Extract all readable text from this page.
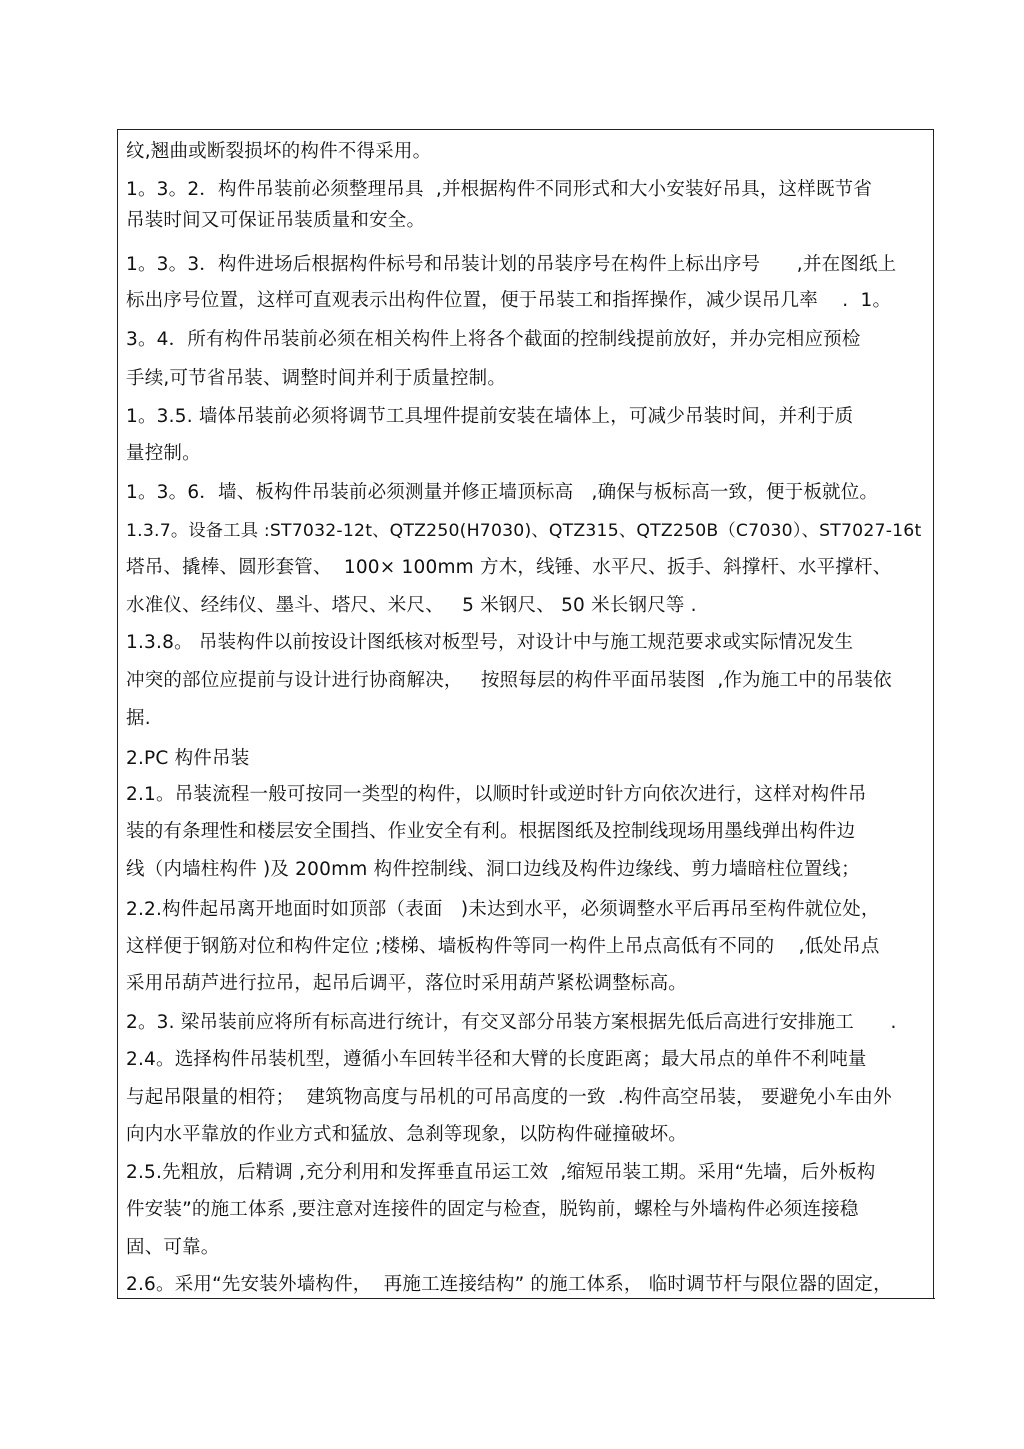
纹,翘曲或断裂损坏的构件不得采用。
1。3。2．构件吊装前必须整理吊具  ,并根据构件不同形式和大小安装好吊具，这样既节省
吊装时间又可保证吊装质量和安全。
1。3。3．构件进场后根据构件标号和吊装计划的吊装序号在构件上标出序号      ,并在图纸上
标出序号位置，这样可直观表示出构件位置，便于吊装工和指挥操作，减少误吊几率    .  1。
3。4．所有构件吊装前必须在相关构件上将各个截面的控制线提前放好，并办完相应预检
手续,可节省吊装、调整时间并利于质量控制。
1。3.5. 墙体吊装前必须将调节工具埋件提前安装在墙体上，可减少吊装时间，并利于质
量控制。
1。3。6．墙、板构件吊装前必须测量并修正墙顶标高   ,确保与板标高一致，便于板就位。
1.3.7。设备工具 :ST7032-12t、QTZ250(H7030)、QTZ315、QTZ250B（C7030）、ST7027-16t
塔吊、撬棒、圆形套管、  100× 100mm 方木，线锤、水平尺、扳手、斜撑杆、水平撑杆、
水准仪、经纬仪、墨斗、塔尺、米尺、   5 米钢尺、 50 米长钢尺等 .
1.3.8。 吊装构件以前按设计图纸核对板型号，对设计中与施工规范要求或实际情况发生
冲突的部位应提前与设计进行协商解决，   按照每层的构件平面吊装图  ,作为施工中的吊装依
据.
2.PC 构件吊装
2.1。吊装流程一般可按同一类型的构件，以顺时针或逆时针方向依次进行，这样对构件吊
装的有条理性和楼层安全围挡、作业安全有利。根据图纸及控制线现场用墨线弹出构件边
线（内墙柱构件 )及 200mm 构件控制线、洞口边线及构件边缘线、剪力墙暗柱位置线；
2.2.构件起吊离开地面时如顶部（表面   )未达到水平，必须调整水平后再吊至构件就位处，
这样便于钢筋对位和构件定位 ;楼梯、墙板构件等同一构件上吊点高低有不同的    ,低处吊点
采用吊葫芦进行拉吊，起吊后调平，落位时采用葫芦紧松调整标高。
2。3. 梁吊装前应将所有标高进行统计，有交叉部分吊装方案根据先低后高进行安排施工      .
2.4。选择构件吊装机型，遵循小车回转半径和大臂的长度距离；最大吊点的单件不利吨量
与起吊限量的相符；  建筑物高度与吊机的可吊高度的一致  .构件高空吊装， 要避免小车由外
向内水平靠放的作业方式和猛放、急刹等现象，以防构件碰撞破坏。
2.5.先粗放，后精调 ,充分利用和发挥垂直吊运工效  ,缩短吊装工期。采用“先墙，后外板构
件安装”的施工体系 ,要注意对连接件的固定与检查，脱钩前，螺栓与外墙构件必须连接稳
固、可靠。
2.6。采用“先安装外墙构件，  再施工连接结构” 的施工体系， 临时调节杆与限位器的固定，
